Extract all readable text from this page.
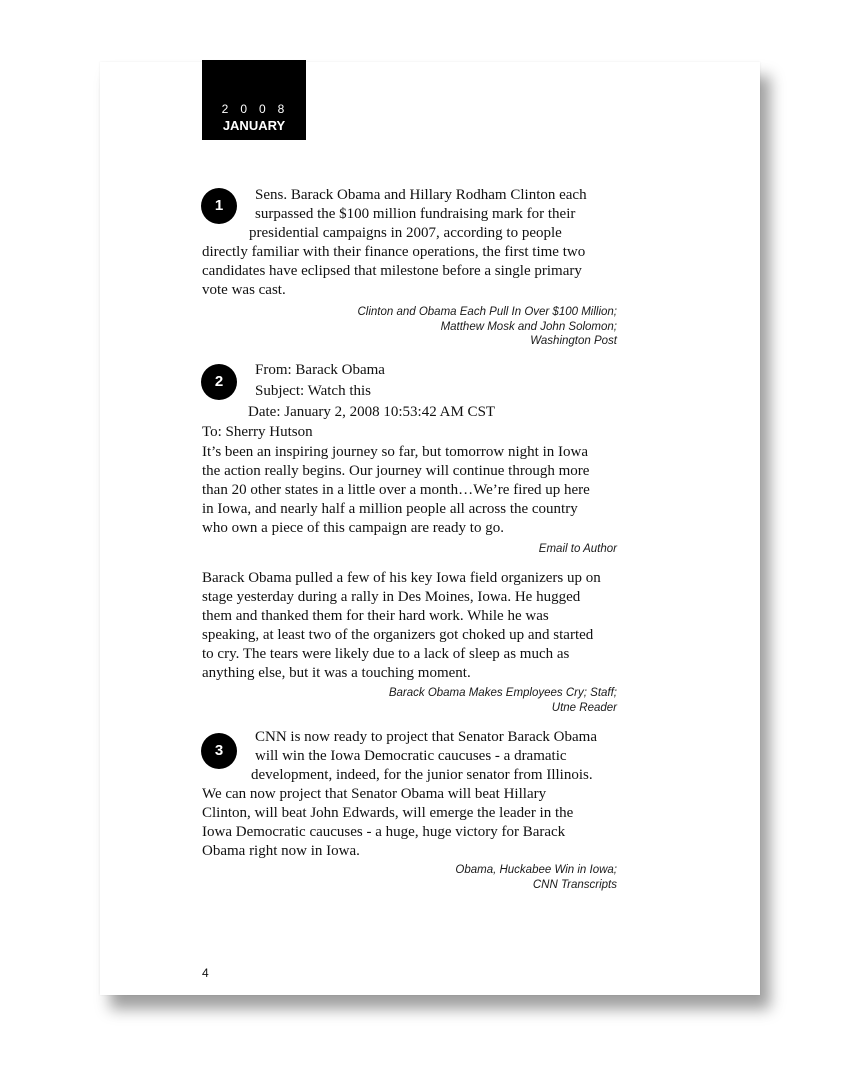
2008
JANUARY
1
Sens. Barack Obama and Hillary Rodham Clinton each
surpassed the $100 million fundraising mark for their
presidential campaigns in 2007, according to people
directly familiar with their finance operations, the first time two
candidates have eclipsed that milestone before a single primary
vote was cast.
Clinton and Obama Each Pull In Over $100 Million;
Matthew Mosk and John Solomon;
Washington Post
2
From: Barack Obama
Subject: Watch this
Date: January 2, 2008 10:53:42 AM CST
To: Sherry Hutson
It’s been an inspiring journey so far, but tomorrow night in Iowa
the action really begins. Our journey will continue through more
than 20 other states in a little over a month…We’re fired up here
in Iowa, and nearly half a million people all across the country
who own a piece of this campaign are ready to go.
Email to Author
Barack Obama pulled a few of his key Iowa field organizers up on
stage yesterday during a rally in Des Moines, Iowa. He hugged
them and thanked them for their hard work. While he was
speaking, at least two of the organizers got choked up and started
to cry. The tears were likely due to a lack of sleep as much as
anything else, but it was a touching moment.
Barack Obama Makes Employees Cry; Staff;
Utne Reader
3
CNN is now ready to project that Senator Barack Obama
will win the Iowa Democratic caucuses - a dramatic
development, indeed, for the junior senator from Illinois.
We can now project that Senator Obama will beat Hillary
Clinton, will beat John Edwards, will emerge the leader in the
Iowa Democratic caucuses - a huge, huge victory for Barack
Obama right now in Iowa.
Obama, Huckabee Win in Iowa;
CNN Transcripts
4
